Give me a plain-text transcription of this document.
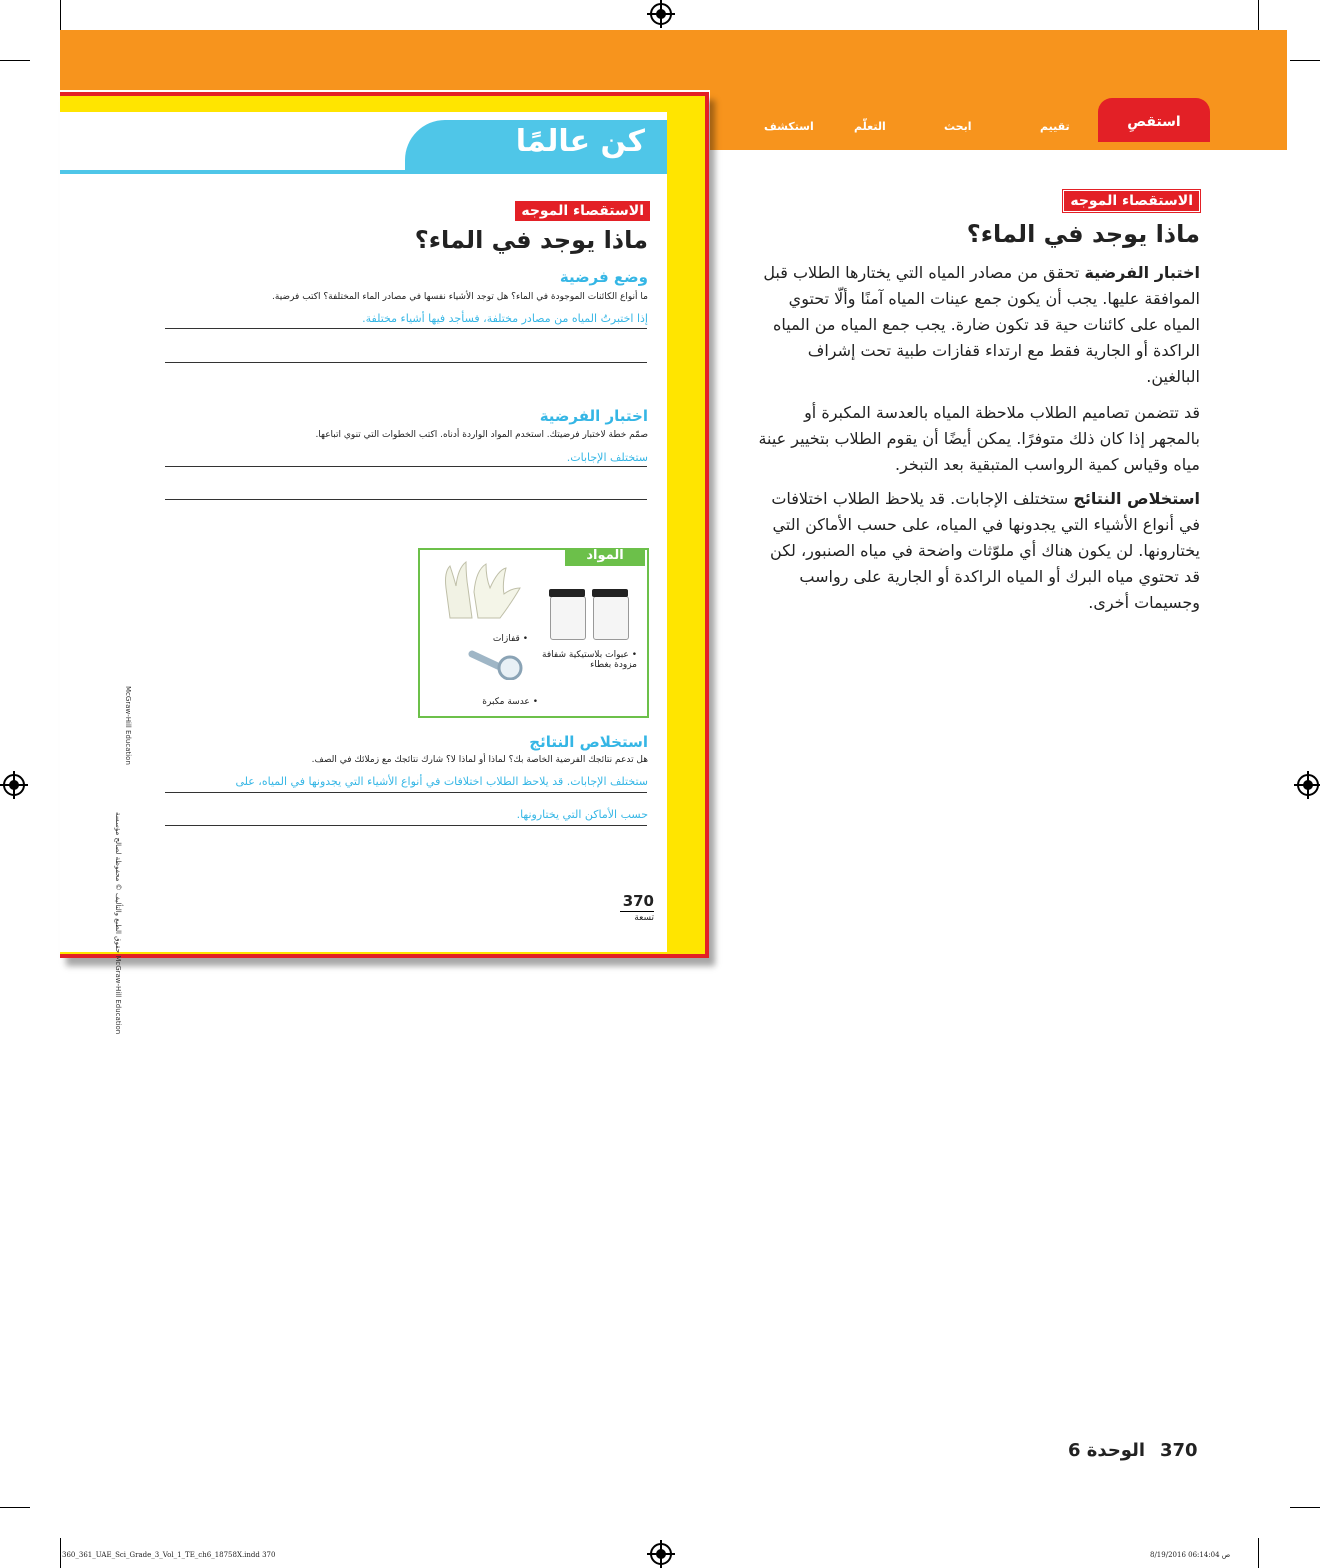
استكشف	التعلّم	ابحث	تقييم	استقصِ
كن عالمًا
الاستقصاء الموجه
ماذا يوجد في الماء؟
وضع فرضية
ما أنواع الكائنات الموجودة في الماء؟ هل توجد الأشياء نفسها في مصادر الماء المختلفة؟ اكتب فرضية.
إذا اختبرتُ المياه من مصادر مختلفة، فسأجد فيها أشياء مختلفة.
اختبار الفرضية
صمّم خطة لاختبار فرضيتك. استخدم المواد الواردة أدناه. اكتب الخطوات التي تنوي اتباعها.
ستختلف الإجابات.
المواد
• عبوات بلاستيكية شفافة مزودة بغطاء
• قفازات
• عدسة مكبرة
استخلاص النتائج
هل تدعم نتائجك الفرضية الخاصة بك؟ لماذا أو لماذا لا؟ شارك نتائجك مع زملائك في الصف.
ستختلف الإجابات. قد يلاحظ الطلاب اختلافات في أنواع الأشياء التي يجدونها في المياه، على
حسب الأماكن التي يختارونها.
370
تسعة
McGraw-Hill Education
حقوق الطبع والتأليف © محفوظة لصالح مؤسسة McGraw-Hill Education
الاستقصاء الموجه
ماذا يوجد في الماء؟
اختبار الفرضية تحقق من مصادر المياه التي يختارها الطلاب قبل الموافقة عليها. يجب أن يكون جمع عينات المياه آمنًا وألّا تحتوي المياه على كائنات حية قد تكون ضارة. يجب جمع المياه من المياه الراكدة أو الجارية فقط مع ارتداء قفازات طبية تحت إشراف البالغين.
قد تتضمن تصاميم الطلاب ملاحظة المياه بالعدسة المكبرة أو بالمجهر إذا كان ذلك متوفرًا. يمكن أيضًا أن يقوم الطلاب بتخيير عينة مياه وقياس كمية الرواسب المتبقية بعد التبخر.
استخلاص النتائج ستختلف الإجابات. قد يلاحظ الطلاب اختلافات في أنواع الأشياء التي يجدونها في المياه، على حسب الأماكن التي يختارونها. لن يكون هناك أي ملوّثات واضحة في مياه الصنبور، لكن قد تحتوي مياه البرك أو المياه الراكدة أو الجارية على رواسب وجسيمات أخرى.
370
الوحدة 6
360_361_UAE_Sci_Grade_3_Vol_1_TE_ch6_18758X.indd 370	8/19/2016 06:14:04 ص
